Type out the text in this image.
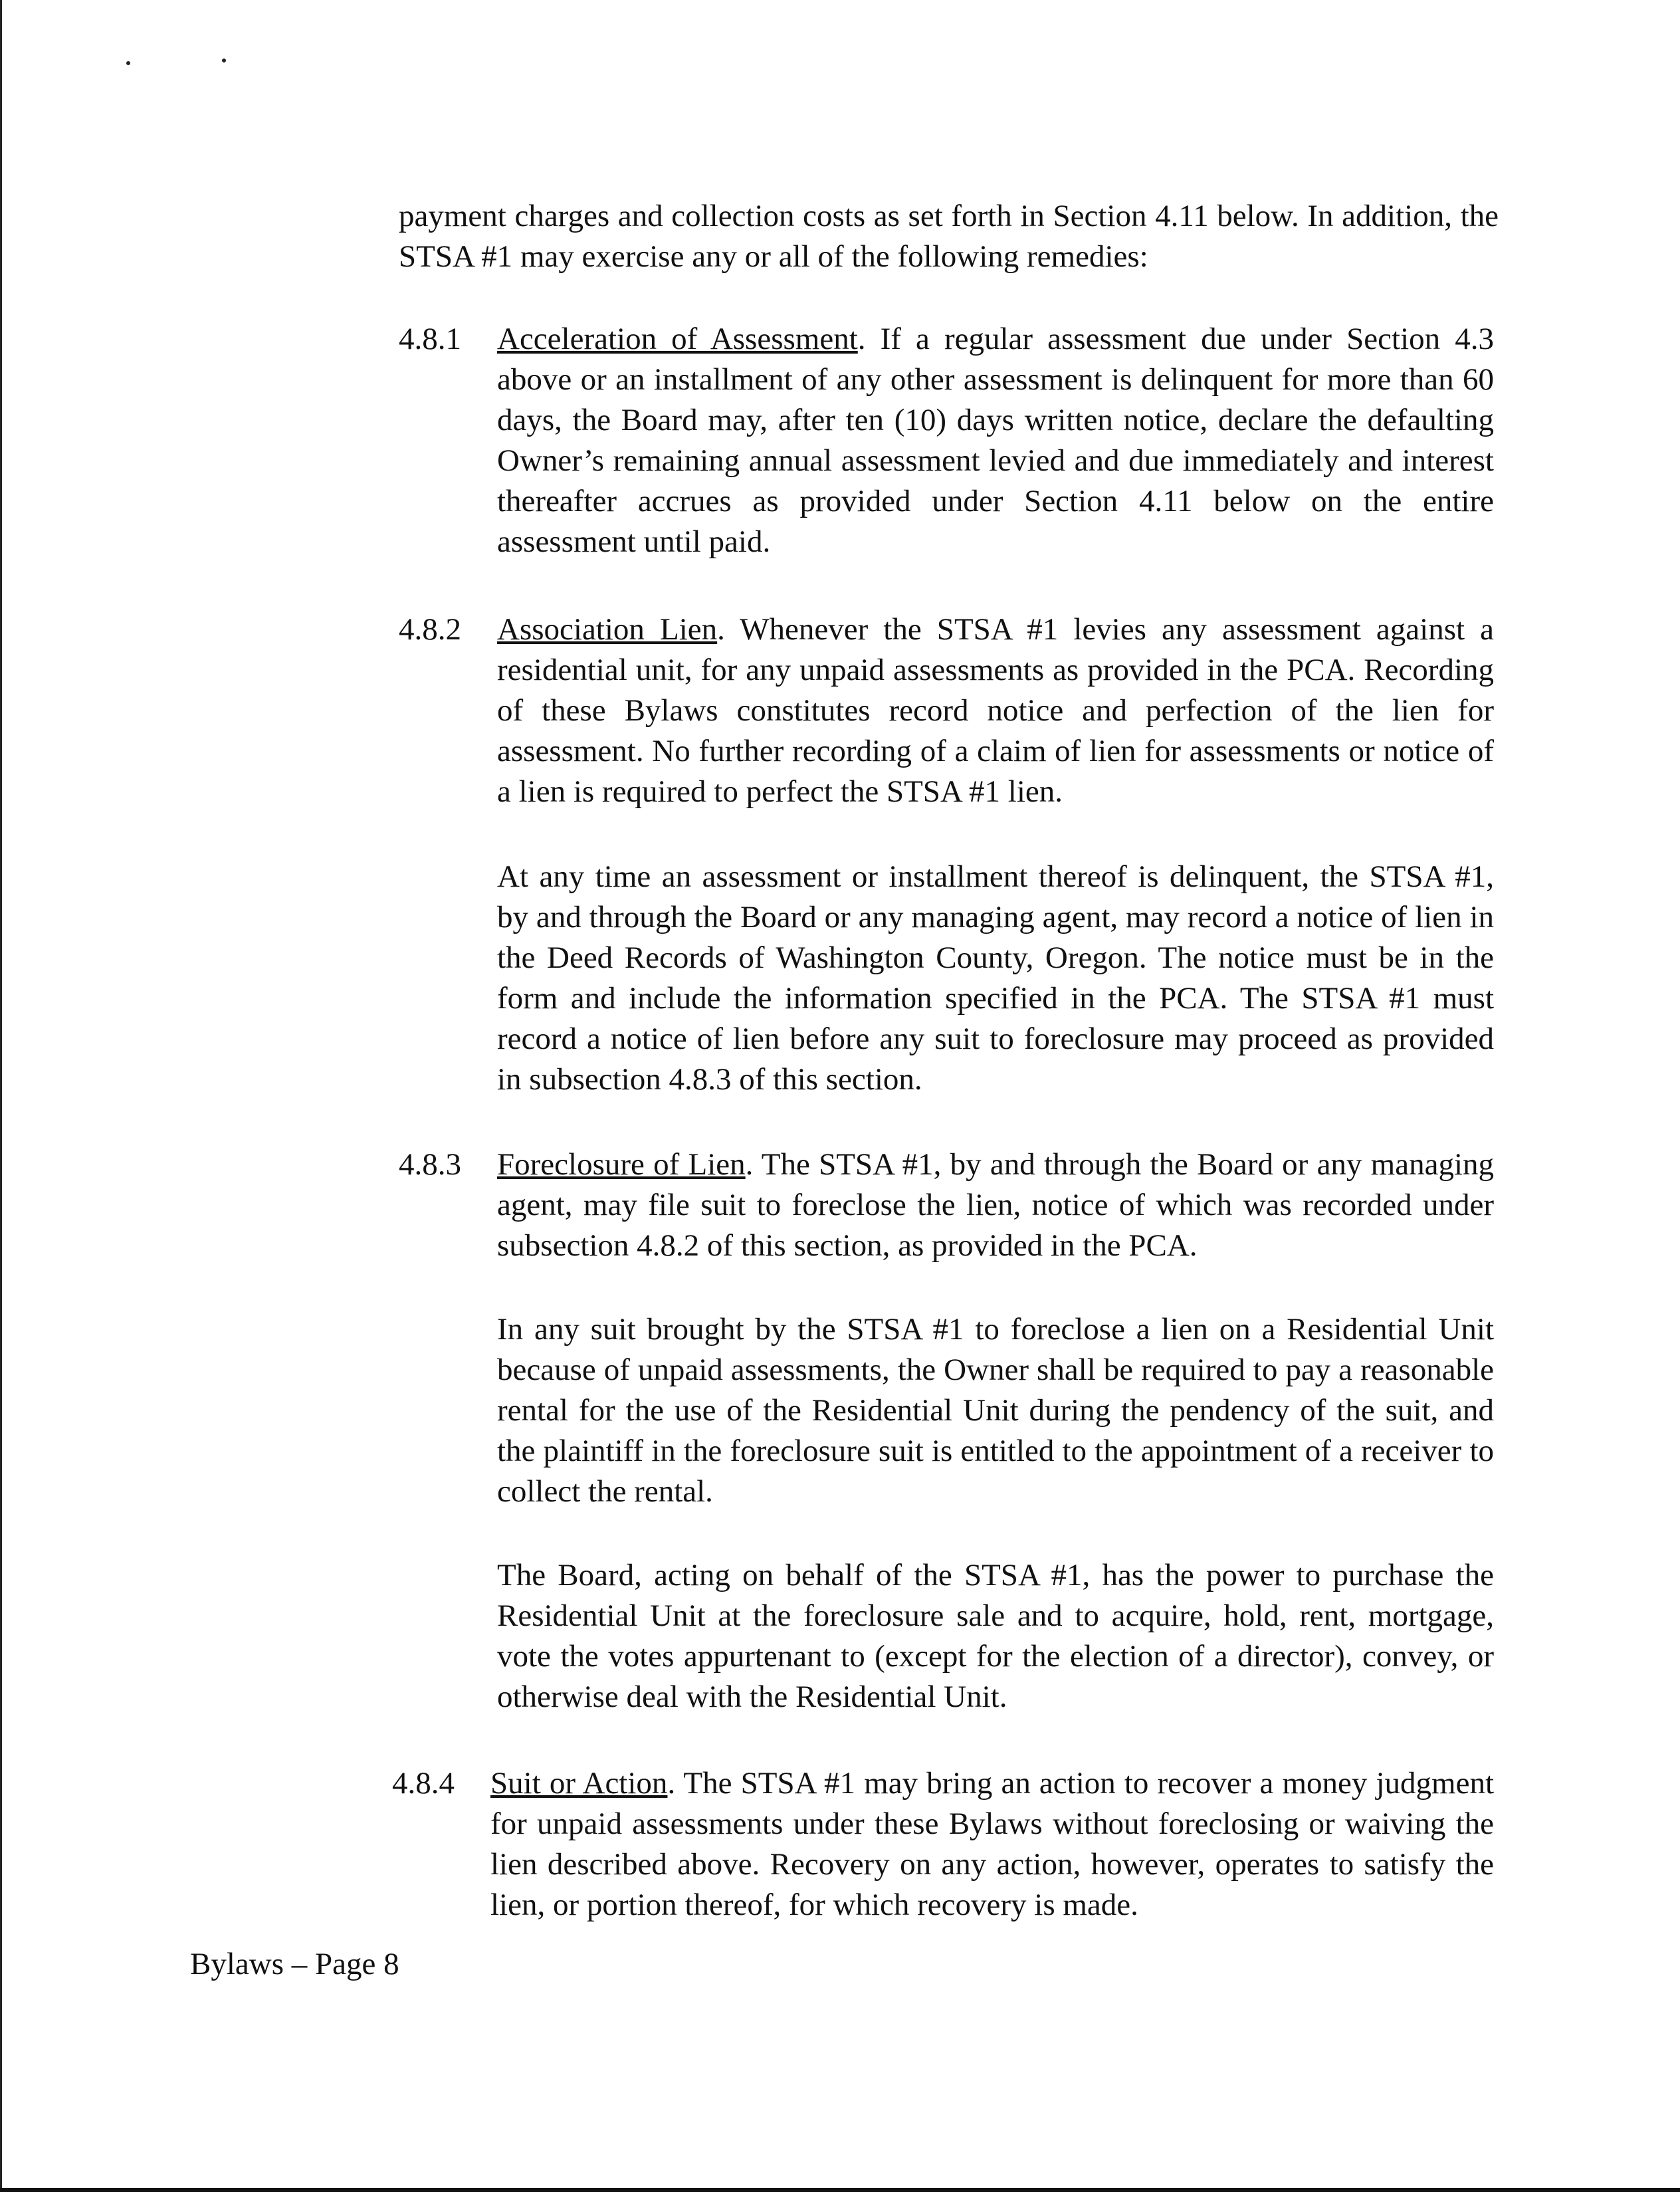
payment charges and collection costs as set forth in Section 4.11 below. In addition, the STSA #1 may exercise any or all of the following remedies:

4.8.1 Acceleration of Assessment. If a regular assessment due under Section 4.3 above or an installment of any other assessment is delinquent for more than 60 days, the Board may, after ten (10) days written notice, declare the defaulting Owner’s remaining annual assessment levied and due immediately and interest thereafter accrues as provided under Section 4.11 below on the entire assessment until paid.

4.8.2 Association Lien. Whenever the STSA #1 levies any assessment against a residential unit, for any unpaid assessments as provided in the PCA. Recording of these Bylaws constitutes record notice and perfection of the lien for assessment. No further recording of a claim of lien for assessments or notice of a lien is required to perfect the STSA #1 lien.

At any time an assessment or installment thereof is delinquent, the STSA #1, by and through the Board or any managing agent, may record a notice of lien in the Deed Records of Washington County, Oregon. The notice must be in the form and include the information specified in the PCA. The STSA #1 must record a notice of lien before any suit to foreclosure may proceed as provided in subsection 4.8.3 of this section.

4.8.3 Foreclosure of Lien. The STSA #1, by and through the Board or any managing agent, may file suit to foreclose the lien, notice of which was recorded under subsection 4.8.2 of this section, as provided in the PCA.

In any suit brought by the STSA #1 to foreclose a lien on a Residential Unit because of unpaid assessments, the Owner shall be required to pay a reasonable rental for the use of the Residential Unit during the pendency of the suit, and the plaintiff in the foreclosure suit is entitled to the appointment of a receiver to collect the rental.

The Board, acting on behalf of the STSA #1, has the power to purchase the Residential Unit at the foreclosure sale and to acquire, hold, rent, mortgage, vote the votes appurtenant to (except for the election of a director), convey, or otherwise deal with the Residential Unit.

4.8.4 Suit or Action. The STSA #1 may bring an action to recover a money judgment for unpaid assessments under these Bylaws without foreclosing or waiving the lien described above. Recovery on any action, however, operates to satisfy the lien, or portion thereof, for which recovery is made.

Bylaws – Page 8
